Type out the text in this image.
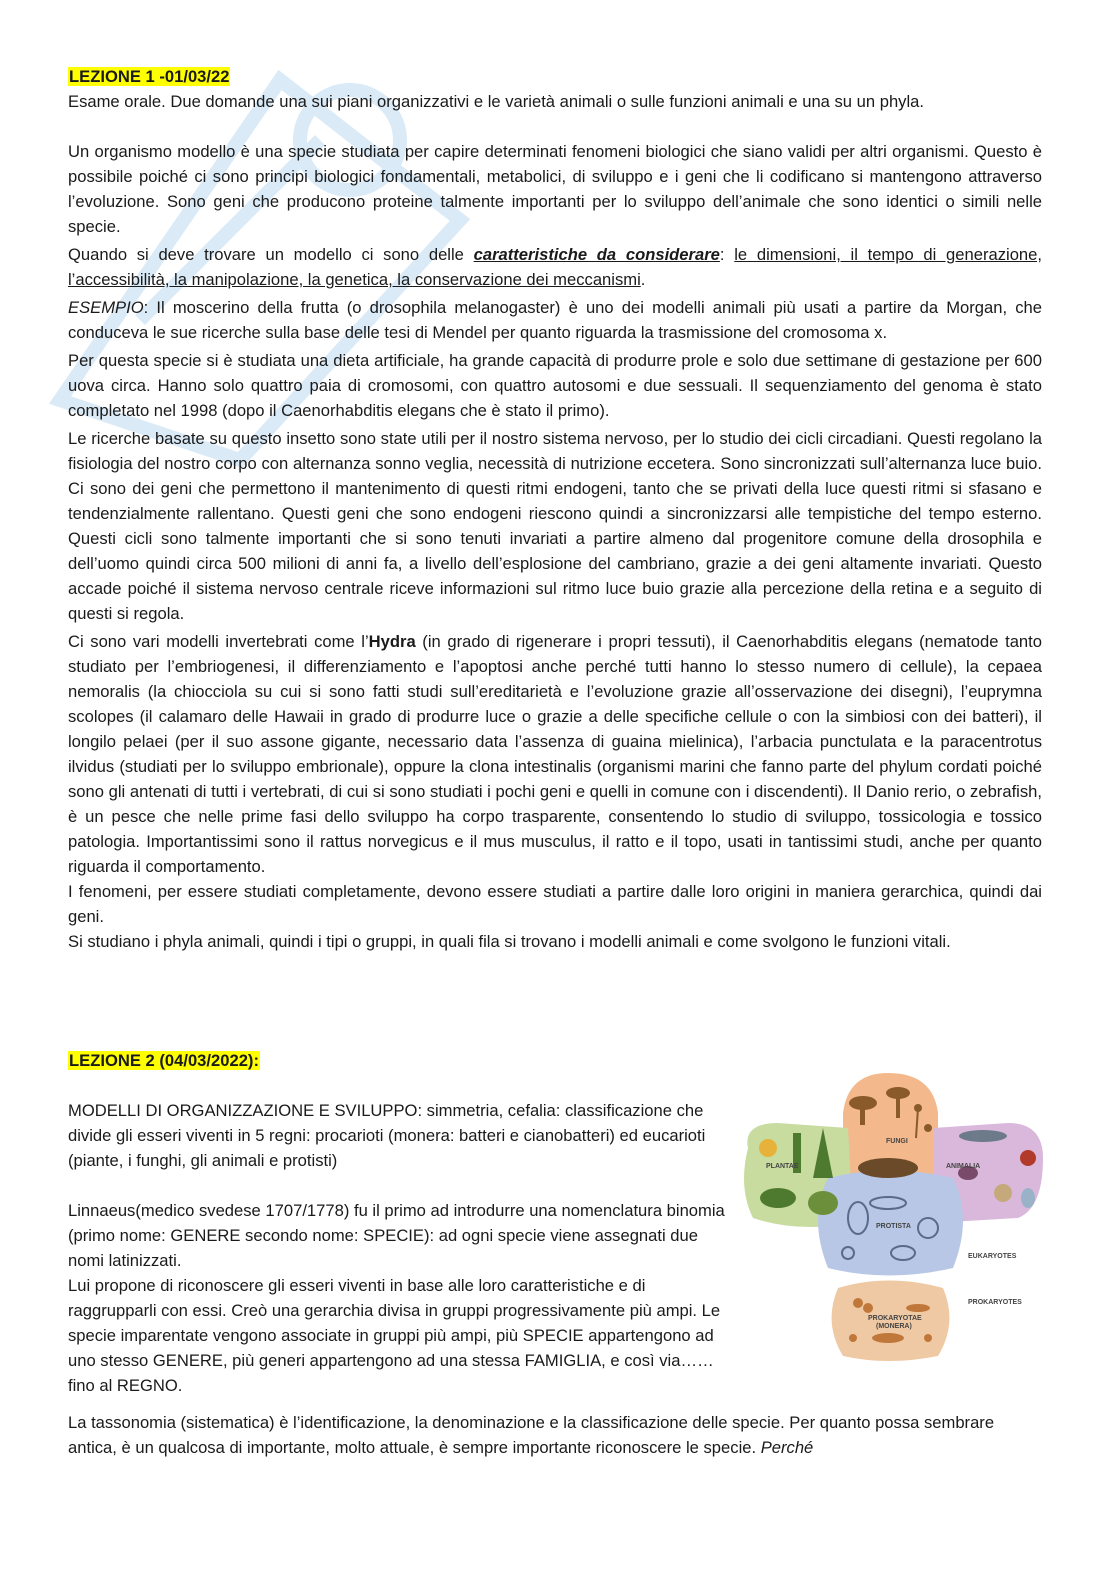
LEZIONE 1 -01/03/22

Esame orale. Due domande una sui piani organizzativi e le varietà animali o sulle funzioni animali e una su un phyla.

Un organismo modello è una specie studiata per capire determinati fenomeni biologici che siano validi per altri organismi. Questo è possibile poiché ci sono principi biologici fondamentali, metabolici, di sviluppo e i geni che li codificano si mantengono attraverso l’evoluzione. Sono geni che producono proteine talmente importanti per lo sviluppo dell’animale che sono identici o simili nelle specie.

Quando si deve trovare un modello ci sono delle caratteristiche da considerare: le dimensioni, il tempo di generazione, l’accessibilità, la manipolazione, la genetica, la conservazione dei meccanismi.

ESEMPIO: Il moscerino della frutta (o drosophila melanogaster) è uno dei modelli animali più usati a partire da Morgan, che conduceva le sue ricerche sulla base delle tesi di Mendel per quanto riguarda la trasmissione del cromosoma x.

Per questa specie si è studiata una dieta artificiale, ha grande capacità di produrre prole e solo due settimane di gestazione per 600 uova circa. Hanno solo quattro paia di cromosomi, con quattro autosomi e due sessuali. Il sequenziamento del genoma è stato completato nel 1998 (dopo il Caenorhabditis elegans che è stato il primo).

Le ricerche basate su questo insetto sono state utili per il nostro sistema nervoso, per lo studio dei cicli circadiani. Questi regolano la fisiologia del nostro corpo con alternanza sonno veglia, necessità di nutrizione eccetera. Sono sincronizzati sull’alternanza luce buio. Ci sono dei geni che permettono il mantenimento di questi ritmi endogeni, tanto che se privati della luce questi ritmi si sfasano e tendenzialmente rallentano. Questi geni che sono endogeni riescono quindi a sincronizzarsi alle tempistiche del tempo esterno. Questi cicli sono talmente importanti che si sono tenuti invariati a partire almeno dal progenitore comune della drosophila e dell’uomo quindi circa 500 milioni di anni fa, a livello dell’esplosione del cambriano, grazie a dei geni altamente invariati. Questo accade poiché il sistema nervoso centrale riceve informazioni sul ritmo luce buio grazie alla percezione della retina e a seguito di questi si regola.

Ci sono vari modelli invertebrati come l’Hydra (in grado di rigenerare i propri tessuti), il Caenorhabditis elegans (nematode tanto studiato per l’embriogenesi, il differenziamento e l’apoptosi anche perché tutti hanno lo stesso numero di cellule), la cepaea nemoralis (la chiocciola su cui si sono fatti studi sull’ereditarietà e l’evoluzione grazie all’osservazione dei disegni), l’euprymna scolopes (il calamaro delle Hawaii in grado di produrre luce o grazie a delle specifiche cellule o con la simbiosi con dei batteri), il longilo pelaei (per il suo assone gigante, necessario data l’assenza di guaina mielinica), l’arbacia punctulata e la paracentrotus ilvidus (studiati per lo sviluppo embrionale), oppure la clona intestinalis (organismi marini che fanno parte del phylum cordati poiché sono gli antenati di tutti i vertebrati, di cui si sono studiati i pochi geni e quelli in comune con i discendenti). Il Danio rerio, o zebrafish, è un pesce che nelle prime fasi dello sviluppo ha corpo trasparente, consentendo lo studio di sviluppo, tossicologia e tossico patologia. Importantissimi sono il rattus norvegicus e il mus musculus, il ratto e il topo, usati in tantissimi studi, anche per quanto riguarda il comportamento.

I fenomeni, per essere studiati completamente, devono essere studiati a partire dalle loro origini in maniera gerarchica, quindi dai geni.

Si studiano i phyla animali, quindi i tipi o gruppi, in quali fila si trovano i modelli animali e come svolgono le funzioni vitali.

LEZIONE 2 (04/03/2022):

MODELLI DI ORGANIZZAZIONE E SVILUPPO: simmetria, cefalia: classificazione che divide gli esseri viventi in 5 regni: procarioti (monera: batteri e cianobatteri) ed eucarioti (piante, i funghi, gli animali e protisti)

Linnaeus(medico svedese 1707/1778) fu il primo ad introdurre una nomenclatura binomia (primo nome: GENERE secondo nome: SPECIE): ad ogni specie viene assegnati due nomi latinizzati.

Lui propone di riconoscere gli esseri viventi in base alle loro caratteristiche e di raggrupparli con essi. Creò una gerarchia divisa in gruppi progressivamente più ampi. Le specie imparentate vengono associate in gruppi più ampi, più SPECIE appartengono ad uno stesso GENERE, più generi appartengono ad una stessa FAMIGLIA, e così via……fino al REGNO.

FUNGI
PLANTAE	ANIMALIA
PROTISTA
EUKARYOTES
PROKARYOTES
PROKARYOTAE
(MONERA)

La tassonomia (sistematica) è l’identificazione, la denominazione e la classificazione delle specie. Per quanto possa sembrare antica, è un qualcosa di importante, molto attuale, è sempre importante riconoscere le specie. Perché
